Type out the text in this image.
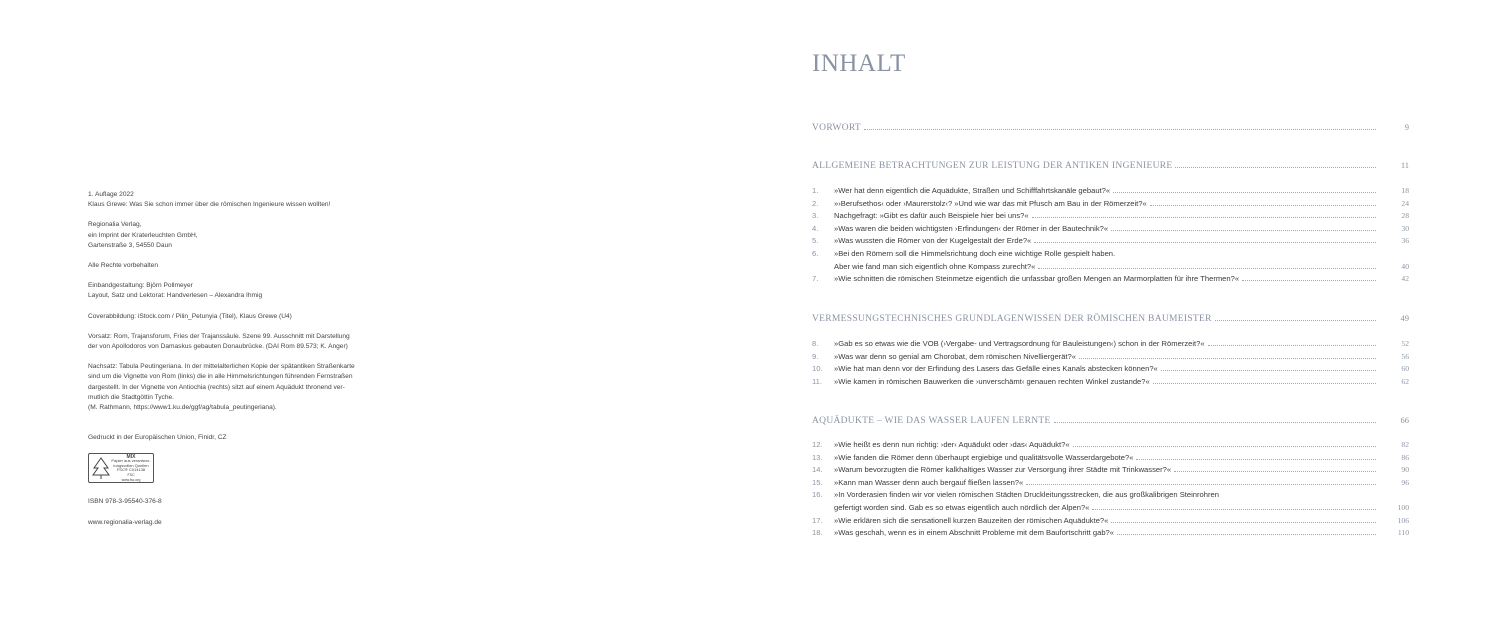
1. Auflage 2022
Klaus Grewe: Was Sie schon immer über die römischen Ingenieure wissen wollten!

Regionalia Verlag,
ein Imprint der Kraterleuchten GmbH,
Gartenstraße 3, 54550 Daun

Alle Rechte vorbehalten

Einbandgestaltung: Björn Pollmeyer
Layout, Satz und Lektorat: Handverlesen – Alexandra Ihmig

Coverabbildung: iStock.com / Pilin_Petunyia (Titel), Klaus Grewe (U4)

Vorsatz: Rom, Trajansforum, Fries der Trajanssäule. Szene 99. Ausschnitt mit Darstellung
der von Apollodoros von Damaskus gebauten Donaubrücke. (DAI Rom 89.573; K. Anger)

Nachsatz: Tabula Peutingeriana. In der mittelalterlichen Kopie der spätantiken Straßenkarte
sind um die Vignette von Rom (links) die in alle Himmelsrichtungen führenden Fernstraßen
dargestellt. In der Vignette von Antiochia (rechts) sitzt auf einem Aquädukt thronend ver-
mutlich die Stadtgöttin Tyche.
(M. Rathmann, https://www1.ku.de/ggf/ag/tabula_peutingeriana).

Gedruckt in der Europäischen Union, Finidr, CZ

MIX
Papier aus verantwor-
tungsvollen Quellen
FSC® C014138
FSC
www.fsc.org

ISBN 978-3-95540-376-8

www.regionalia-verlag.de

INHALT
VORWORT	9
ALLGEMEINE BETRACHTUNGEN ZUR LEISTUNG DER ANTIKEN INGENIEURE	11
1.	»Wer hat denn eigentlich die Aquädukte, Straßen und Schifffahrtskanäle gebaut?«	18
2.	»›Berufsethos‹ oder ›Maurerstolz‹? »Und wie war das mit Pfusch am Bau in der Römerzeit?«	24
3.	Nachgefragt: »Gibt es dafür auch Beispiele hier bei uns?«	28
4.	»Was waren die beiden wichtigsten ›Erfindungen‹ der Römer in der Bautechnik?«	30
5.	»Was wussten die Römer von der Kugelgestalt der Erde?«	36
6.	»Bei den Römern soll die Himmelsrichtung doch eine wichtige Rolle gespielt haben.
Aber wie fand man sich eigentlich ohne Kompass zurecht?«	40
7.	»Wie schnitten die römischen Steinmetze eigentlich die unfassbar großen Mengen an Marmorplatten für ihre Thermen?«	42
VERMESSUNGSTECHNISCHES GRUNDLAGENWISSEN DER RÖMISCHEN BAUMEISTER	49
8.	»Gab es so etwas wie die VOB (›Vergabe- und Vertragsordnung für Bauleistungen‹) schon in der Römerzeit?«	52
9.	»Was war denn so genial am Chorobat, dem römischen Nivelliergerät?«	56
10.	»Wie hat man denn vor der Erfindung des Lasers das Gefälle eines Kanals abstecken können?«	60
11.	»Wie kamen in römischen Bauwerken die ›unverschämt‹ genauen rechten Winkel zustande?«	62
AQUÄDUKTE – WIE DAS WASSER LAUFEN LERNTE	66
12.	»Wie heißt es denn nun richtig: ›der‹ Aquädukt oder ›das‹ Aquädukt?«	82
13.	»Wie fanden die Römer denn überhaupt ergiebige und qualitätsvolle Wasserdargebote?«	86
14.	»Warum bevorzugten die Römer kalkhaltiges Wasser zur Versorgung ihrer Städte mit Trinkwasser?«	90
15.	»Kann man Wasser denn auch bergauf fließen lassen?«	96
16.	»In Vorderasien finden wir vor vielen römischen Städten Druckleitungsstrecken, die aus großkalibrigen Steinrohren
gefertigt worden sind. Gab es so etwas eigentlich auch nördlich der Alpen?«	100
17.	»Wie erklären sich die sensationell kurzen Bauzeiten der römischen Aquädukte?«	106
18.	»Was geschah, wenn es in einem Abschnitt Probleme mit dem Baufortschritt gab?«	110
